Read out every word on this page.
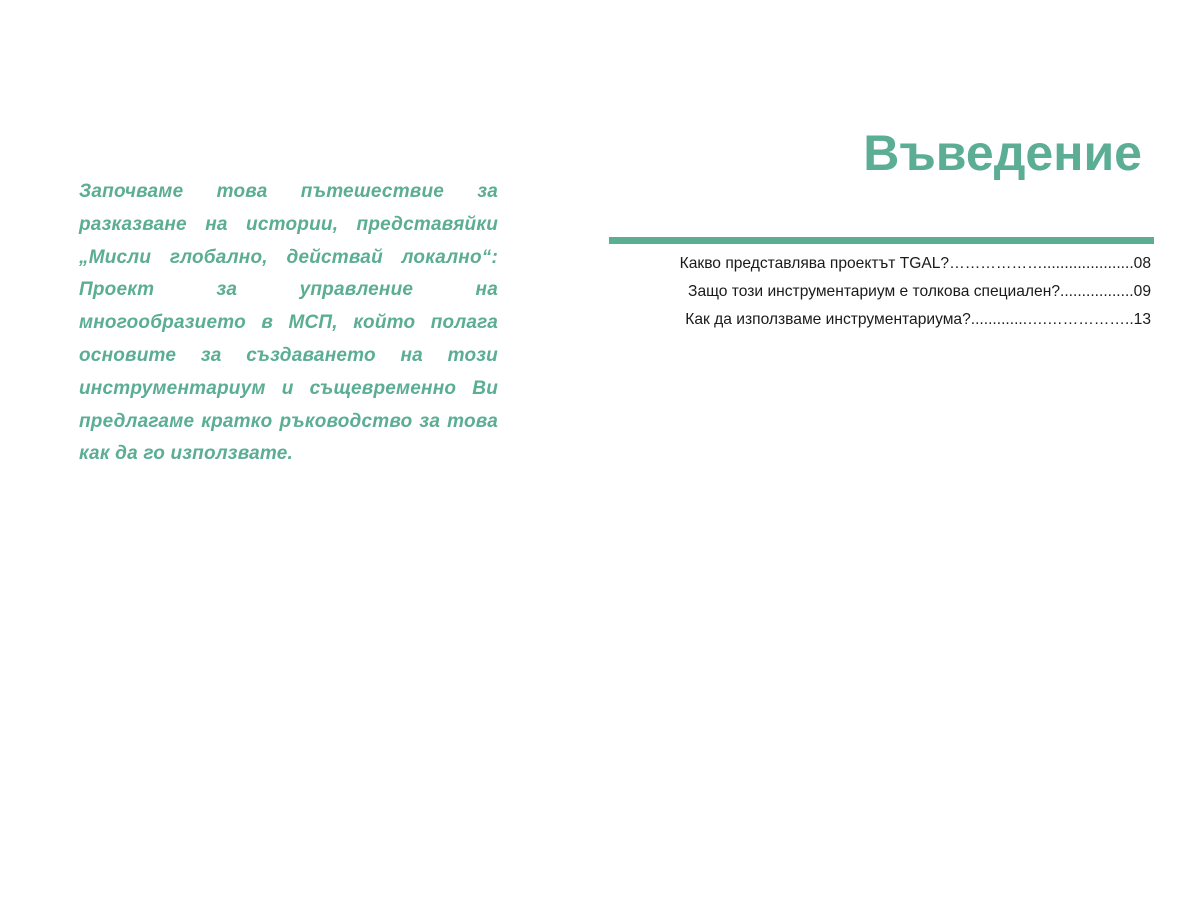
Започваме това пътешествие за разказване на истории, представяйки „Мисли глобално, действай локално“: Проект за управление на многообразието в МСП, който полага основите за създаването на този инструментариум и същевременно Ви предлагаме кратко ръководство за това как да го използвате.

Въведение
Какво представлява проектът TGAL?……………….....................08
Защо този инструментариум е толкова специален?.................09
Как да използваме инструментариума?.............….……………..13
